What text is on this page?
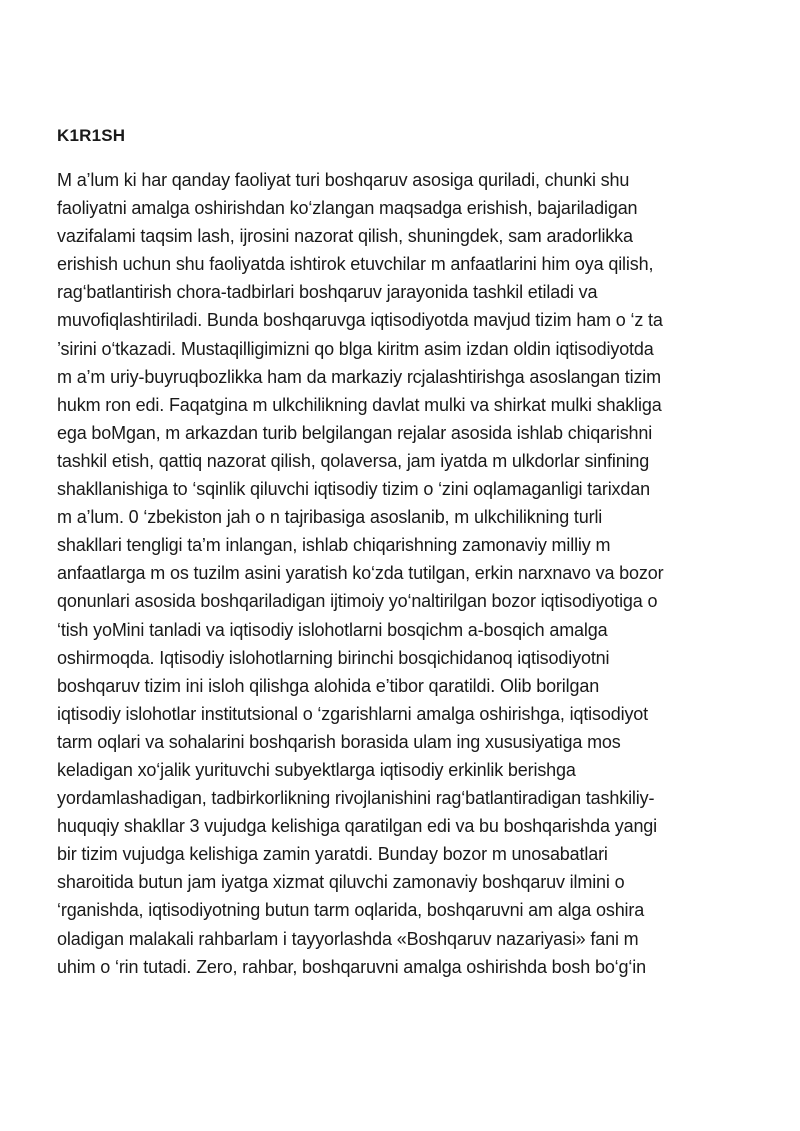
K1R1SH
M a’lum ki har qanday faoliyat turi boshqaruv asosiga quriladi, chunki shu
faoliyatni amalga oshirishdan ko‘zlangan maqsadga erishish, bajariladigan
vazifalami taqsim lash, ijrosini nazorat qilish, shuningdek, sam aradorlikka
erishish uchun shu faoliyatda ishtirok etuvchilar m anfaatlarini him oya qilish,
rag‘batlantirish chora-tadbirlari boshqaruv jarayonida tashkil etiladi va
muvofiqlashtiriladi. Bunda boshqaruvga iqtisodiyotda mavjud tizim ham o ‘z ta
’sirini o‘tkazadi. Mustaqilligimizni qo blga kiritm asim izdan oldin iqtisodiyotda
m a’m uriy-buyruqbozlikka ham da markaziy rcjalashtirishga asoslangan tizim
hukm ron edi. Faqatgina m ulkchilikning davlat mulki va shirkat mulki shakliga
ega boMgan, m arkazdan turib belgilangan rejalar asosida ishlab chiqarishni
tashkil etish, qattiq nazorat qilish, qolaversa, jam iyatda m ulkdorlar sinfining
shakllanishiga to ‘sqinlik qiluvchi iqtisodiy tizim o ‘zini oqlamaganligi tarixdan
m a’lum. 0 ‘zbekiston jah o n tajribasiga asoslanib, m ulkchilikning turli
shakllari tengligi ta’m inlangan, ishlab chiqarishning zamonaviy milliy m
anfaatlarga m os tuzilm asini yaratish ko‘zda tutilgan, erkin narxnavo va bozor
qonunlari asosida boshqariladigan ijtimoiy yo‘naltirilgan bozor iqtisodiyotiga o
‘tish yoMini tanladi va iqtisodiy islohotlarni bosqichm a-bosqich amalga
oshirmoqda. Iqtisodiy islohotlarning birinchi bosqichidanoq iqtisodiyotni
boshqaruv tizim ini isloh qilishga alohida e’tibor qaratildi. Olib borilgan
iqtisodiy islohotlar institutsional o ‘zgarishlarni amalga oshirishga, iqtisodiyot
tarm oqlari va sohalarini boshqarish borasida ulam ing xususiyatiga mos
keladigan xo‘jalik yurituvchi subyektlarga iqtisodiy erkinlik berishga
yordamlashadigan, tadbirkorlikning rivojlanishini rag‘batlantiradigan tashkiliy-
huquqiy shakllar 3 vujudga kelishiga qaratilgan edi va bu boshqarishda yangi
bir tizim vujudga kelishiga zamin yaratdi. Bunday bozor m unosabatlari
sharoitida butun jam iyatga xizmat qiluvchi zamonaviy boshqaruv ilmini o
‘rganishda, iqtisodiyotning butun tarm oqlarida, boshqaruvni am alga oshira
oladigan malakali rahbarlam i tayyorlashda «Boshqaruv nazariyasi» fani m
uhim o ‘rin tutadi. Zero, rahbar, boshqaruvni amalga oshirishda bosh bo‘g‘in
